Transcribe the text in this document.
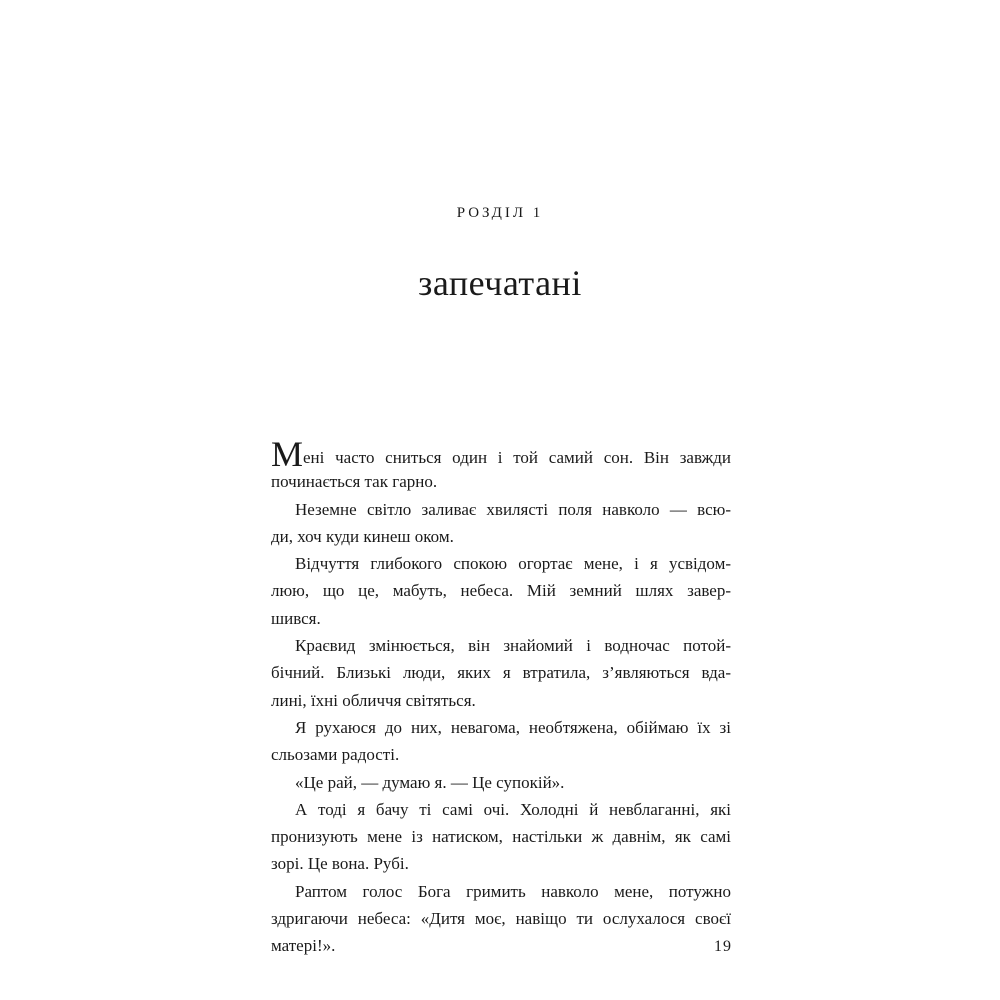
РОЗДІЛ 1
запечатані
Мені часто сниться один і той самий сон. Він завжди
починається так гарно.
Неземне світло заливає хвилясті поля навколо — всю-
ди, хоч куди кинеш оком.
Відчуття глибокого спокою огортає мене, і я усвідом-
люю, що це, мабуть, небеса. Мій земний шлях завер-
шився.
Краєвид змінюється, він знайомий і водночас потой-
бічний. Близькі люди, яких я втратила, з’являються вда-
лині, їхні обличчя світяться.
Я рухаюся до них, невагома, необтяжена, обіймаю їх зі
сльозами радості.
«Це рай, — думаю я. — Це супокій».
А тоді я бачу ті самі очі. Холодні й невблаганні, які
пронизують мене із натиском, настільки ж давнім, як самі
зорі. Це вона. Рубі.
Раптом голос Бога гримить навколо мене, потужно
здригаючи небеса: «Дитя моє, навіщо ти ослухалося своєї
матері!».	19
